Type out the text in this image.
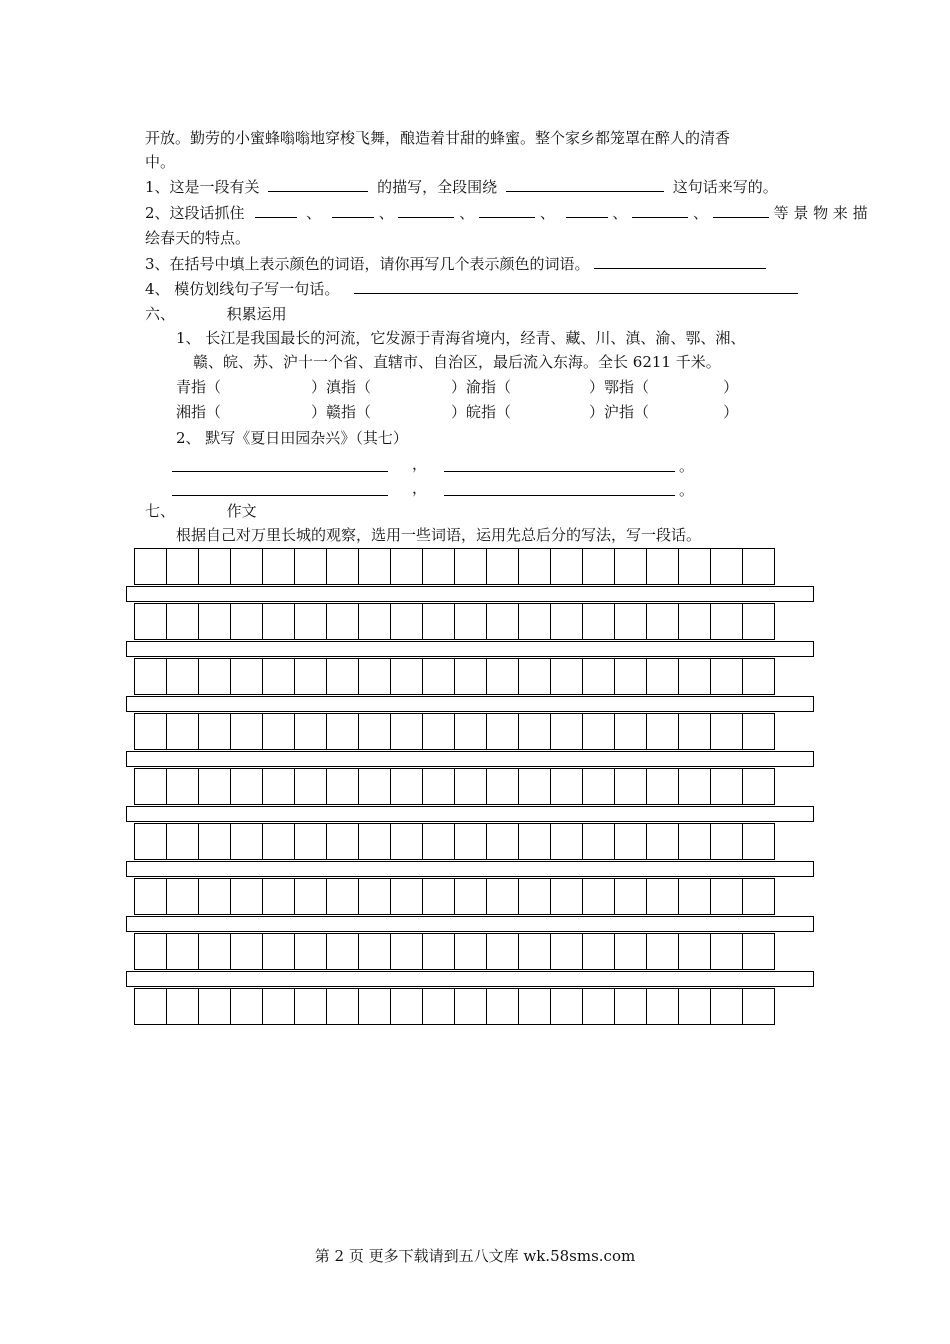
开放。勤劳的小蜜蜂嗡嗡地穿梭飞舞，酿造着甘甜的蜂蜜。整个家乡都笼罩在醉人的清香
中。
1、这是一段有关	的描写，全段围绕	这句话来写的。
2、这段话抓住	、	、	、	、	、	、	等 景 物 来 描
绘春天的特点。
3、在括号中填上表示颜色的词语，请你再写几个表示颜色的词语。
4、 模仿划线句子写一句话。
六、	积累运用
1、 长江是我国最长的河流，它发源于青海省境内，经青、藏、川、滇、渝、鄂、湘、
赣、皖、苏、沪十一个省、直辖市、自治区，最后流入东海。全长 6211 千米。
青指（	）滇指（	）渝指（	）鄂指（	）
湘指（	）赣指（	）皖指（	）沪指（	）
2、 默写《夏日田园杂兴》（其七）
，	。
，	。
七、	作文
根据自己对万里长城的观察，选用一些词语，运用先总后分的写法，写一段话。
第 2 页 更多下载请到五八文库 wk.58sms.com
